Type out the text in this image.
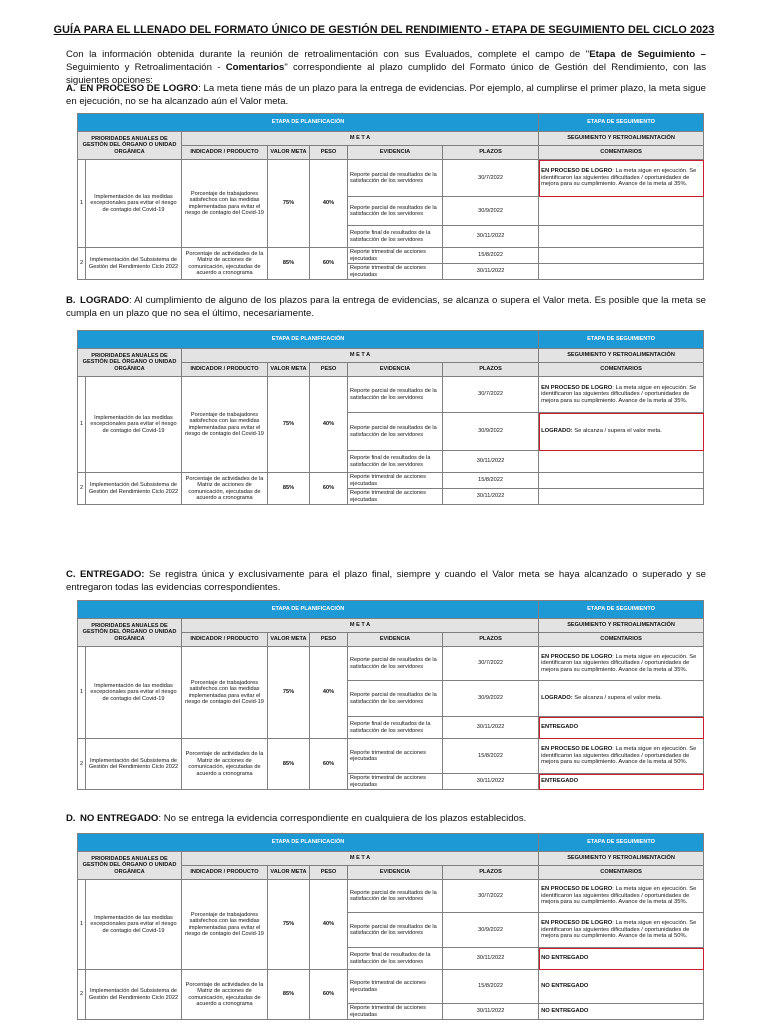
GUÍA PARA EL LLENADO DEL FORMATO ÚNICO DE GESTIÓN DEL RENDIMIENTO - ETAPA DE SEGUIMIENTO DEL CICLO 2023
Con la información obtenida durante la reunión de retroalimentación con sus Evaluados, complete el campo de "Etapa de Seguimiento – Seguimiento y Retroalimentación - Comentarios" correspondiente al plazo cumplido del Formato único de Gestión del Rendimiento, con las siguientes opciones:
A. EN PROCESO DE LOGRO: La meta tiene más de un plazo para la entrega de evidencias. Por ejemplo, al cumplirse el primer plazo, la meta sigue en ejecución, no se ha alcanzado aún el Valor meta.
ETAPA DE PLANIFICACIÓN							ETAPA DE SEGUIMIENTO
PRIORIDADES ANUALES DE GESTIÓN DEL ÓRGANO O UNIDAD ORGÁNICA		M E T A					SEGUIMIENTO Y RETROALIMENTACIÓN
		INDICADOR / PRODUCTO	VALOR META	PESO	EVIDENCIA	PLAZOS	COMENTARIOS
1	Implementación de las medidas excepcionales para evitar el riesgo de contagio del Covid-19	Porcentaje de trabajadores satisfechos con las medidas implementadas para evitar el riesgo de contagio del Covid-19	75%	40%	Reporte parcial de resultados de la satisfacción de los servidores	30/7/2022	EN PROCESO DE LOGRO: La meta sigue en ejecución. Se identificaron las siguientes dificultades / oportunidades de mejora para su cumplimiento. Avance de la meta al 35%.
					Reporte parcial de resultados de la satisfacción de los servidores	30/9/2022	
					Reporte final de resultados de la satisfacción de los servidores	30/11/2022	
2	Implementación del Subsistema de Gestión del Rendimiento Ciclo 2022	Porcentaje de actividades de la Matriz de acciones de comunicación, ejecutadas de acuerdo a cronograma	85%	60%	Reporte trimestral de acciones ejecutadas	15/8/2022	
					Reporte trimestral de acciones ejecutadas	30/11/2022	
B. LOGRADO: Al cumplimiento de alguno de los plazos para la entrega de evidencias, se alcanza o supera el Valor meta. Es posible que la meta se cumpla en un plazo que no sea el último, necesariamente.
ETAPA DE PLANIFICACIÓN							ETAPA DE SEGUIMIENTO
PRIORIDADES ANUALES DE GESTIÓN DEL ÓRGANO O UNIDAD ORGÁNICA		M E T A					SEGUIMIENTO Y RETROALIMENTACIÓN
		INDICADOR / PRODUCTO	VALOR META	PESO	EVIDENCIA	PLAZOS	COMENTARIOS
1	Implementación de las medidas excepcionales para evitar el riesgo de contagio del Covid-19	Porcentaje de trabajadores satisfechos con las medidas implementadas para evitar el riesgo de contagio del Covid-19	75%	40%	Reporte parcial de resultados de la satisfacción de los servidores	30/7/2022	EN PROCESO DE LOGRO: La meta sigue en ejecución. Se identificaron las siguientes dificultades / oportunidades de mejora para su cumplimiento. Avance de la meta al 35%.
					Reporte parcial de resultados de la satisfacción de los servidores	30/9/2022	LOGRADO: Se alcanza / supera el valor meta.
					Reporte final de resultados de la satisfacción de los servidores	30/11/2022	
2	Implementación del Subsistema de Gestión del Rendimiento Ciclo 2022	Porcentaje de actividades de la Matriz de acciones de comunicación, ejecutadas de acuerdo a cronograma	85%	60%	Reporte trimestral de acciones ejecutadas	15/8/2022	
					Reporte trimestral de acciones ejecutadas	30/11/2022	
C. ENTREGADO: Se registra única y exclusivamente para el plazo final, siempre y cuando el Valor meta se haya alcanzado o superado y se entregaron todas las evidencias correspondientes.
ETAPA DE PLANIFICACIÓN							ETAPA DE SEGUIMIENTO
PRIORIDADES ANUALES DE GESTIÓN DEL ÓRGANO O UNIDAD ORGÁNICA		M E T A					SEGUIMIENTO Y RETROALIMENTACIÓN
		INDICADOR / PRODUCTO	VALOR META	PESO	EVIDENCIA	PLAZOS	COMENTARIOS
1	Implementación de las medidas excepcionales para evitar el riesgo de contagio del Covid-19	Porcentaje de trabajadores satisfechos con las medidas implementadas para evitar el riesgo de contagio del Covid-19	75%	40%	Reporte parcial de resultados de la satisfacción de los servidores	30/7/2022	EN PROCESO DE LOGRO: La meta sigue en ejecución. Se identificaron las siguientes dificultades / oportunidades de mejora para su cumplimiento. Avance de la meta al 35%.
					Reporte parcial de resultados de la satisfacción de los servidores	30/9/2022	LOGRADO: Se alcanza / supera el valor meta.
					Reporte final de resultados de la satisfacción de los servidores	30/11/2022	ENTREGADO
2	Implementación del Subsistema de Gestión del Rendimiento Ciclo 2022	Porcentaje de actividades de la Matriz de acciones de comunicación, ejecutadas de acuerdo a cronograma	85%	60%	Reporte trimestral de acciones ejecutadas	15/8/2022	EN PROCESO DE LOGRO: La meta sigue en ejecución. Se identificaron las siguientes dificultades / oportunidades de mejora para su cumplimiento. Avance de la meta al 50%.
					Reporte trimestral de acciones ejecutadas	30/11/2022	ENTREGADO
D. NO ENTREGADO: No se entrega la evidencia correspondiente en cualquiera de los plazos establecidos.
ETAPA DE PLANIFICACIÓN							ETAPA DE SEGUIMIENTO
PRIORIDADES ANUALES DE GESTIÓN DEL ÓRGANO O UNIDAD ORGÁNICA		M E T A					SEGUIMIENTO Y RETROALIMENTACIÓN
		INDICADOR / PRODUCTO	VALOR META	PESO	EVIDENCIA	PLAZOS	COMENTARIOS
1	Implementación de las medidas excepcionales para evitar el riesgo de contagio del Covid-19	Porcentaje de trabajadores satisfechos con las medidas implementadas para evitar el riesgo de contagio del Covid-19	75%	40%	Reporte parcial de resultados de la satisfacción de los servidores	30/7/2022	EN PROCESO DE LOGRO: La meta sigue en ejecución. Se identificaron las siguientes dificultades / oportunidades de mejora para su cumplimiento. Avance de la meta al 35%.
					Reporte parcial de resultados de la satisfacción de los servidores	30/9/2022	EN PROCESO DE LOGRO: La meta sigue en ejecución. Se identificaron las siguientes dificultades / oportunidades de mejora para su cumplimiento. Avance de la meta al 50%.
					Reporte final de resultados de la satisfacción de los servidores	30/11/2022	NO ENTREGADO
2	Implementación del Subsistema de Gestión del Rendimiento Ciclo 2022	Porcentaje de actividades de la Matriz de acciones de comunicación, ejecutadas de acuerdo a cronograma	85%	60%	Reporte trimestral de acciones ejecutadas	15/8/2022	NO ENTREGADO
					Reporte trimestral de acciones ejecutadas	30/11/2022	NO ENTREGADO
